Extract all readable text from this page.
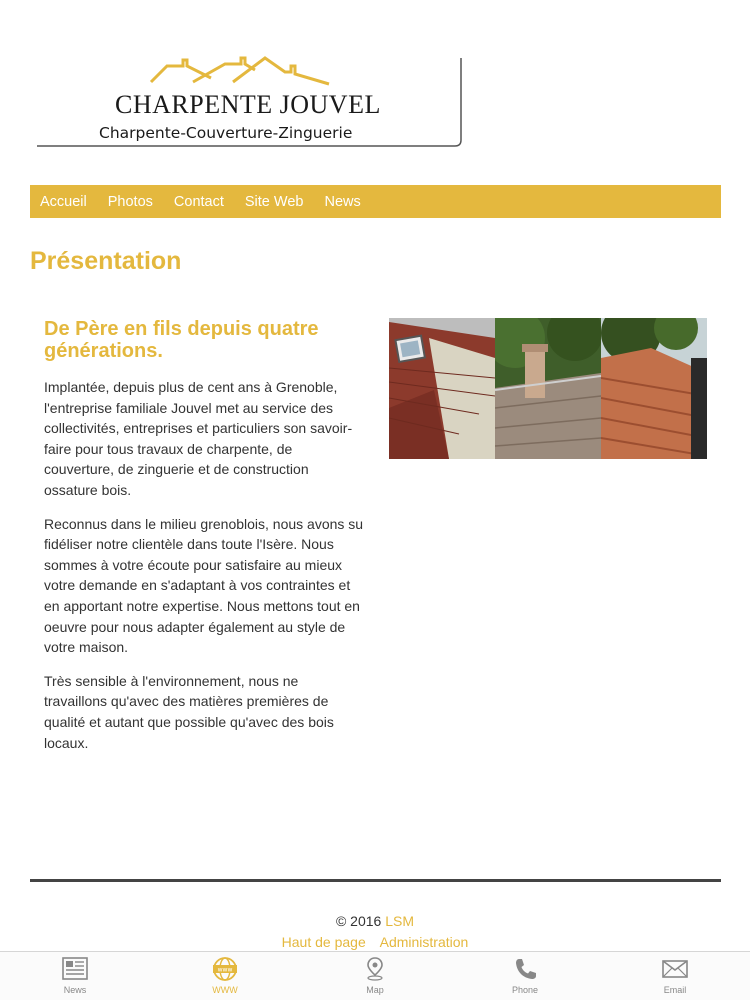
CHARPENTE JOUVEL
Charpente-Couverture-Zinguerie
Accueil Photos Contact Site Web News
Présentation
De Père en fils depuis quatre générations.

Implantée, depuis plus de cent ans à Grenoble, l'entreprise familiale Jouvel met au service des collectivités, entreprises et particuliers son savoir-faire pour tous travaux de charpente, de couverture, de zinguerie et de construction ossature bois.

Reconnus dans le milieu grenoblois, nous avons su fidéliser notre clientèle dans toute l'Isère. Nous sommes à votre écoute pour satisfaire au mieux votre demande en s'adaptant à vos contraintes et en apportant notre expertise. Nous mettons tout en oeuvre pour nous adapter également au style de votre maison.

Très sensible à l'environnement, nous ne travaillons qu'avec des matières premières de qualité et autant que possible qu'avec des bois locaux.

© 2016 LSM
Haut de page Administration
News
www
WWW	Map	Phone	Email
